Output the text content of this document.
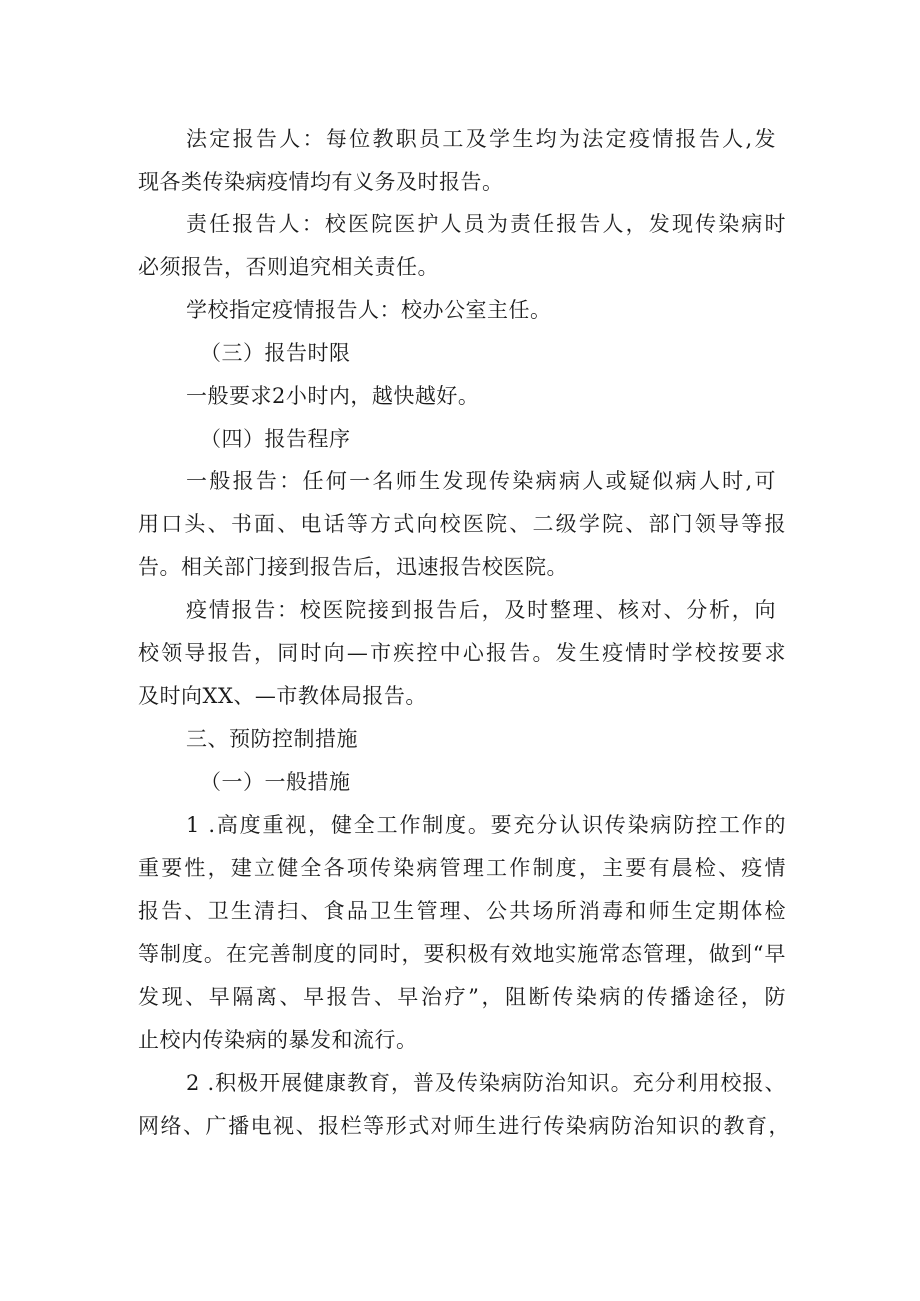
法定报告人：每位教职员工及学生均为法定疫情报告人,发
现各类传染病疫情均有义务及时报告。
责任报告人：校医院医护人员为责任报告人，发现传染病时
必须报告，否则追究相关责任。
学校指定疫情报告人：校办公室主任。
（三）报告时限
一般要求2小时内，越快越好。
（四）报告程序
一般报告：任何一名师生发现传染病病人或疑似病人时,可
用口头、书面、电话等方式向校医院、二级学院、部门领导等报
告。相关部门接到报告后，迅速报告校医院。
疫情报告：校医院接到报告后，及时整理、核对、分析，向
校领导报告，同时向—市疾控中心报告。发生疫情时学校按要求
及时向XX、—市教体局报告。
三、预防控制措施
（一）一般措施
1 .高度重视，健全工作制度。要充分认识传染病防控工作的
重要性，建立健全各项传染病管理工作制度，主要有晨检、疫情
报告、卫生清扫、食品卫生管理、公共场所消毒和师生定期体检
等制度。在完善制度的同时，要积极有效地实施常态管理，做到“早
发现、早隔离、早报告、早治疗”，阻断传染病的传播途径，防
止校内传染病的暴发和流行。
2 .积极开展健康教育，普及传染病防治知识。充分利用校报、
网络、广播电视、报栏等形式对师生进行传染病防治知识的教育，
